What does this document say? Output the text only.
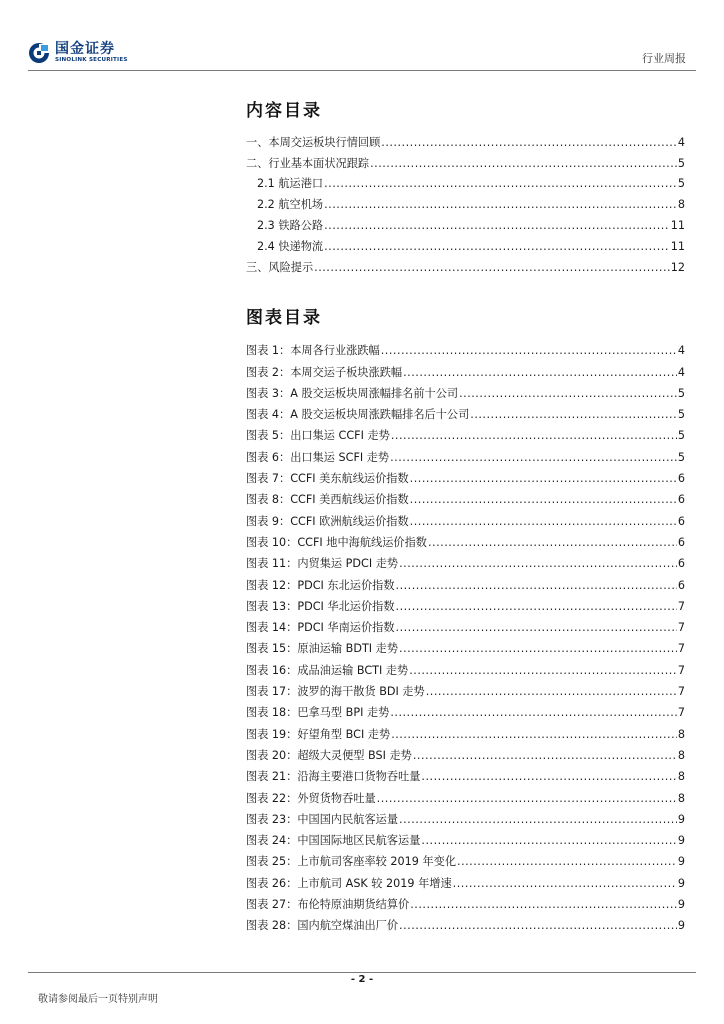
国金证券
SINOLINK SECURITIES	行业周报
内容目录
一、本周交运板块行情回顾 .....	4
二、行业基本面状况跟踪 .....	5
2.1 航运港口 .....	5
2.2 航空机场 .....	8
2.3 铁路公路 .....	11
2.4 快递物流 .....	11
三、风险提示 .....	12
图表目录
图表 1：本周各行业涨跌幅 .....	4
图表 2：本周交运子板块涨跌幅 .....	4
图表 3：A 股交运板块周涨幅排名前十公司 .....	5
图表 4：A 股交运板块周涨跌幅排名后十公司 .....	5
图表 5：出口集运 CCFI 走势 .....	5
图表 6：出口集运 SCFI 走势 .....	5
图表 7：CCFI 美东航线运价指数 .....	6
图表 8：CCFI 美西航线运价指数 .....	6
图表 9：CCFI 欧洲航线运价指数 .....	6
图表 10：CCFI 地中海航线运价指数 .....	6
图表 11：内贸集运 PDCI 走势 .....	6
图表 12：PDCI 东北运价指数 .....	6
图表 13：PDCI 华北运价指数 .....	7
图表 14：PDCI 华南运价指数 .....	7
图表 15：原油运输 BDTI 走势 .....	7
图表 16：成品油运输 BCTI 走势 .....	7
图表 17：波罗的海干散货 BDI 走势 .....	7
图表 18：巴拿马型 BPI 走势 .....	7
图表 19：好望角型 BCI 走势 .....	8
图表 20：超级大灵便型 BSI 走势 .....	8
图表 21：沿海主要港口货物吞吐量 .....	8
图表 22：外贸货物吞吐量 .....	8
图表 23：中国国内民航客运量 .....	9
图表 24：中国国际地区民航客运量 .....	9
图表 25：上市航司客座率较 2019 年变化 .....	9
图表 26：上市航司 ASK 较 2019 年增速 .....	9
图表 27：布伦特原油期货结算价 .....	9
图表 28：国内航空煤油出厂价 .....	9
- 2 -
敬请参阅最后一页特别声明
